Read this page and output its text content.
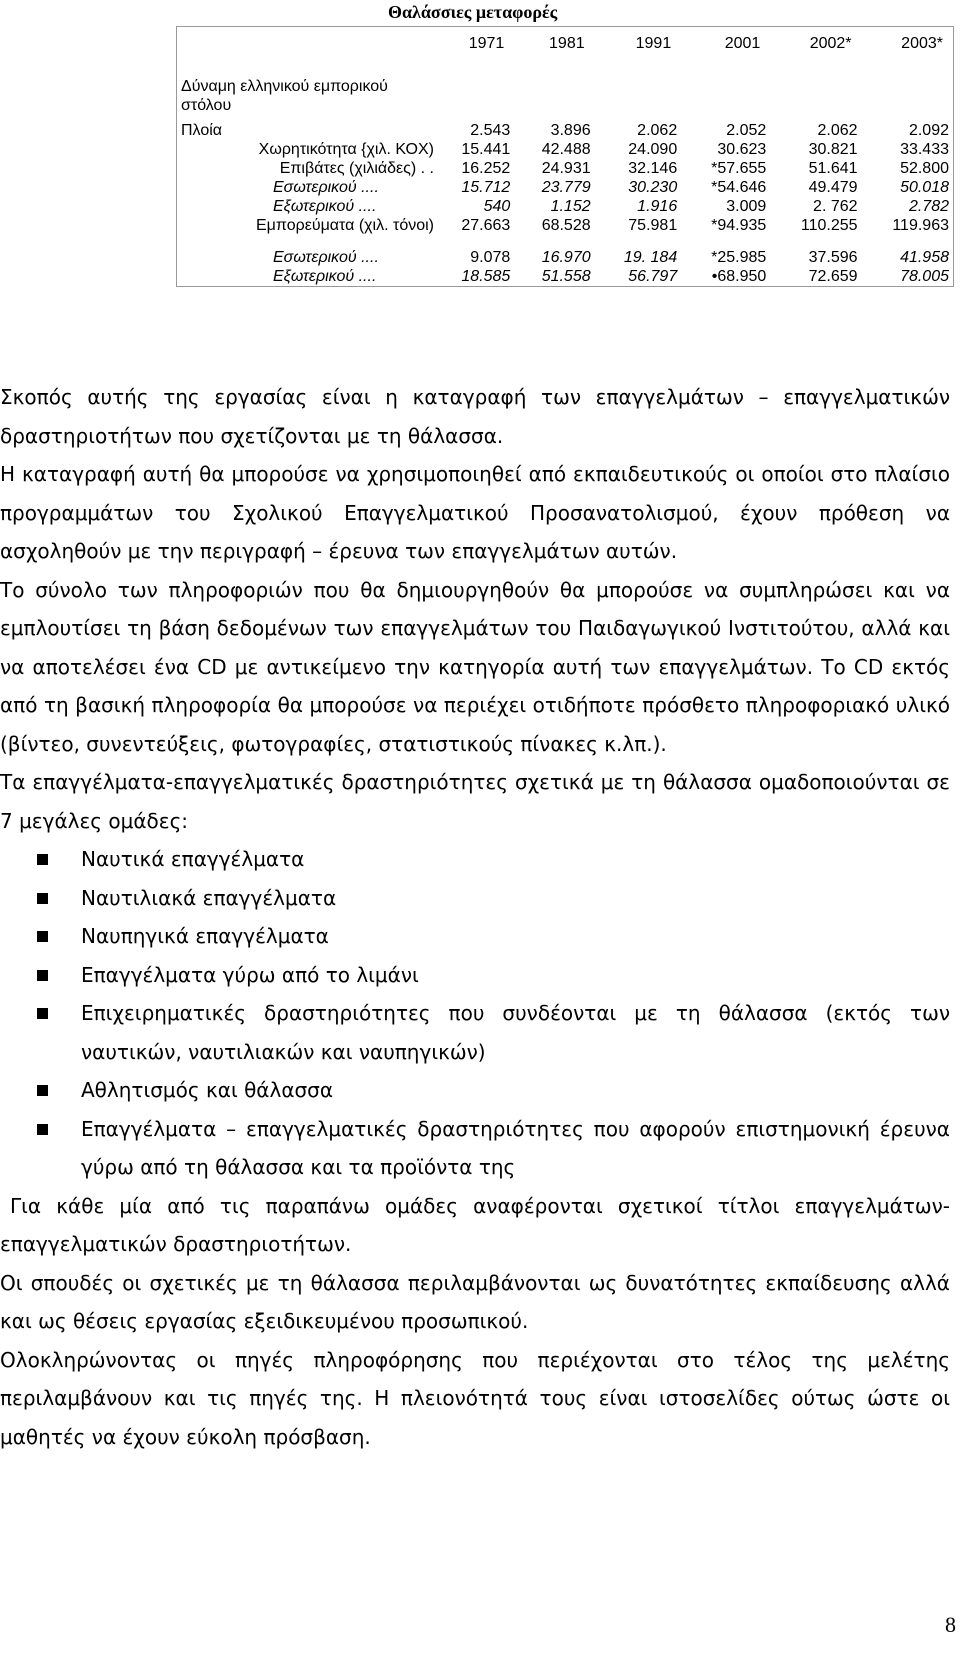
Θαλάσσιες μεταφορές
	1971	1981	1991	2001	2002*	2003*
Δύναμη ελληνικού εμπορικού στόλου						
Πλοία	2.543	3.896	2.062	2.052	2.062	2.092
Χωρητικότητα {χιλ. ΚΟΧ)	15.441	42.488	24.090	30.623	30.821	33.433
Επιβάτες (χιλιάδες) . .	16.252	24.931	32.146	*57.655	51.641	52.800
Εσωτερικού ....	15.712	23.779	30.230	*54.646	49.479	50.018
Εξωτερικού ....	540	1.152	1.916	3.009	2. 762	2.782
Εμπορεύματα (χιλ. τόνοι)	27.663	68.528	75.981	*94.935	110.255	119.963
Εσωτερικού ....	9.078	16.970	19. 184	*25.985	37.596	41.958
Εξωτερικού ....	18.585	51.558	56.797	•68.950	72.659	78.005

Σκοπός αυτής της εργασίας είναι η καταγραφή των επαγγελμάτων – επαγγελματικών δραστηριοτήτων που σχετίζονται με τη θάλασσα.

Η καταγραφή αυτή θα μπορούσε να χρησιμοποιηθεί από εκπαιδευτικούς οι οποίοι στο πλαίσιο προγραμμάτων του Σχολικού Επαγγελματικού Προσανατολισμού, έχουν πρόθεση να ασχοληθούν με την περιγραφή – έρευνα των επαγγελμάτων αυτών.

Το σύνολο των πληροφοριών που θα δημιουργηθούν θα μπορούσε να συμπληρώσει και να εμπλουτίσει τη βάση δεδομένων των επαγγελμάτων του Παιδαγωγικού Ινστιτούτου, αλλά και να αποτελέσει ένα CD με αντικείμενο την κατηγορία αυτή των επαγγελμάτων. Το CD εκτός από τη βασική πληροφορία θα μπορούσε να περιέχει οτιδήποτε πρόσθετο πληροφοριακό υλικό (βίντεο, συνεντεύξεις, φωτογραφίες, στατιστικούς πίνακες κ.λπ.).

Τα επαγγέλματα-επαγγελματικές δραστηριότητες σχετικά με τη θάλασσα ομαδοποιούνται σε 7 μεγάλες ομάδες:

Ναυτικά επαγγέλματα
Ναυτιλιακά επαγγέλματα
Ναυπηγικά επαγγέλματα
Επαγγέλματα γύρω από το λιμάνι
Επιχειρηματικές δραστηριότητες που συνδέονται με τη θάλασσα (εκτός των ναυτικών, ναυτιλιακών και ναυπηγικών)
Αθλητισμός και θάλασσα
Επαγγέλματα – επαγγελματικές δραστηριότητες που αφορούν επιστημονική έρευνα γύρω από τη θάλασσα και τα προϊόντα της

Για κάθε μία από τις παραπάνω ομάδες αναφέρονται σχετικοί τίτλοι επαγγελμάτων-επαγγελματικών δραστηριοτήτων.

Οι σπουδές οι σχετικές με τη θάλασσα περιλαμβάνονται ως δυνατότητες εκπαίδευσης αλλά και ως θέσεις εργασίας εξειδικευμένου προσωπικού.

Ολοκληρώνοντας οι πηγές πληροφόρησης που περιέχονται στο τέλος της μελέτης περιλαμβάνουν και τις πηγές της. Η πλειονότητά τους είναι ιστοσελίδες ούτως ώστε οι μαθητές να έχουν εύκολη πρόσβαση.

8
